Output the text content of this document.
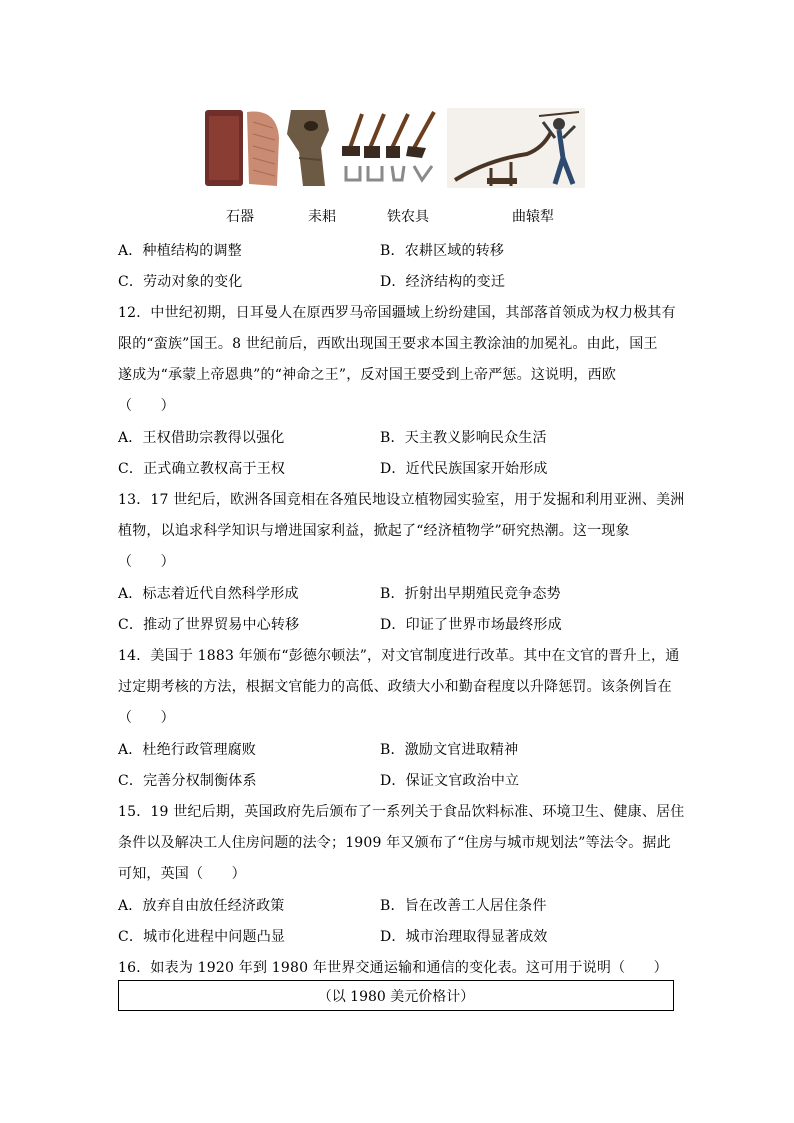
石器	耒耜	铁农具	曲辕犁
A．种植结构的调整	B．农耕区域的转移
C．劳动对象的变化	D．经济结构的变迁
12．中世纪初期，日耳曼人在原西罗马帝国疆域上纷纷建国，其部落首领成为权力极其有
限的“蛮族”国王。8 世纪前后，西欧出现国王要求本国主教涂油的加冕礼。由此，国王
遂成为“承蒙上帝恩典”的“神命之王”，反对国王要受到上帝严惩。这说明，西欧
（　　）
A．王权借助宗教得以强化	B．天主教义影响民众生活
C．正式确立教权高于王权	D．近代民族国家开始形成
13．17 世纪后，欧洲各国竞相在各殖民地设立植物园实验室，用于发掘和利用亚洲、美洲
植物，以追求科学知识与增进国家利益，掀起了“经济植物学”研究热潮。这一现象
（　　）
A．标志着近代自然科学形成	B．折射出早期殖民竞争态势
C．推动了世界贸易中心转移	D．印证了世界市场最终形成
14．美国于 1883 年颁布“彭德尔顿法”，对文官制度进行改革。其中在文官的晋升上，通
过定期考核的方法，根据文官能力的高低、政绩大小和勤奋程度以升降惩罚。该条例旨在
（　　）
A．杜绝行政管理腐败	B．激励文官进取精神
C．完善分权制衡体系	D．保证文官政治中立
15．19 世纪后期，英国政府先后颁布了一系列关于食品饮料标准、环境卫生、健康、居住
条件以及解决工人住房问题的法令；1909 年又颁布了“住房与城市规划法”等法令。据此
可知，英国（　　）
A．放弃自由放任经济政策	B．旨在改善工人居住条件
C．城市化进程中问题凸显	D．城市治理取得显著成效
16．如表为 1920 年到 1980 年世界交通运输和通信的变化表。这可用于说明（　　）
（以 1980 美元价格计）
